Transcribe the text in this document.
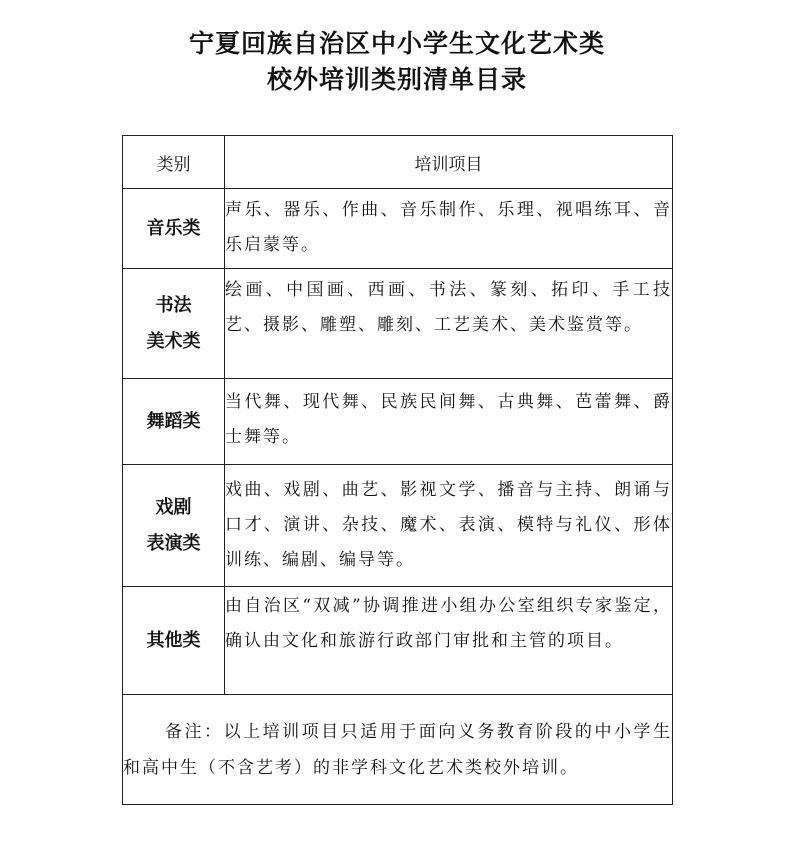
宁夏回族自治区中小学生文化艺术类
校外培训类别清单目录
类别	培训项目

音乐类	声乐、器乐、作曲、音乐制作、乐理、视唱练耳、音乐启蒙等。

书法
美术类	绘画、中国画、西画、书法、篆刻、拓印、手工技艺、摄影、雕塑、雕刻、工艺美术、美术鉴赏等。

舞蹈类	当代舞、现代舞、民族民间舞、古典舞、芭蕾舞、爵士舞等。

戏剧
表演类	戏曲、戏剧、曲艺、影视文学、播音与主持、朗诵与口才、演讲、杂技、魔术、表演、模特与礼仪、形体训练、编剧、编导等。

其他类	由自治区“双减”协调推进小组办公室组织专家鉴定，确认由文化和旅游行政部门审批和主管的项目。
备注：以上培训项目只适用于面向义务教育阶段的中小学生和高中生（不含艺考）的非学科文化艺术类校外培训。	
